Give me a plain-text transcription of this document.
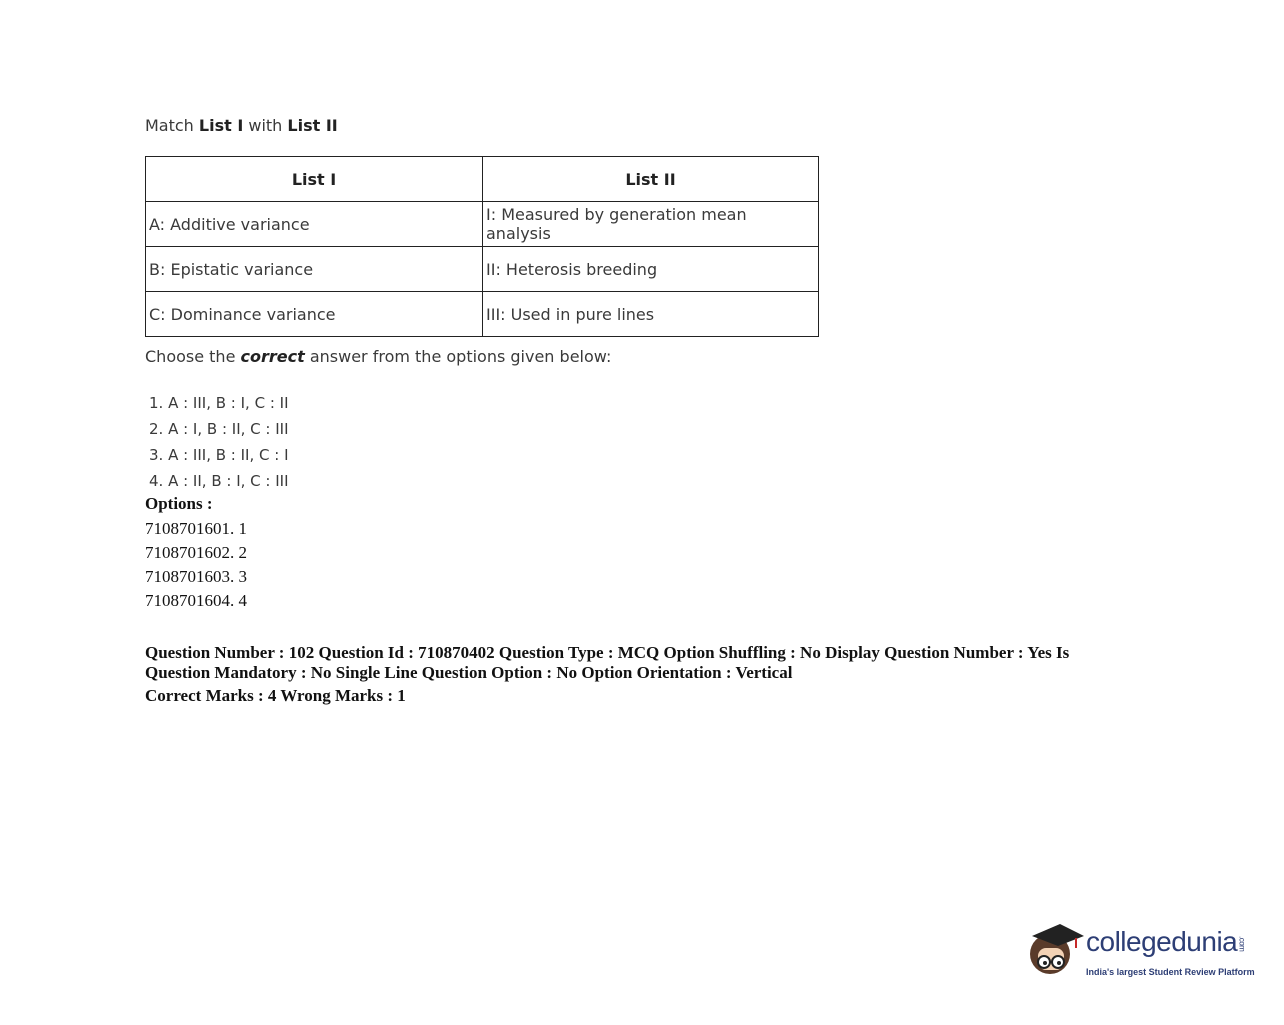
Match List I with List II
List I	List II
A: Additive variance	I: Measured by generation mean analysis
B: Epistatic variance	II: Heterosis breeding
C: Dominance variance	III: Used in pure lines
Choose the correct answer from the options given below:
1. A : III, B : I, C : II
2. A : I, B : II, C : III
3. A : III, B : II, C : I
4. A : II, B : I, C : III
Options :
7108701601. 1
7108701602. 2
7108701603. 3
7108701604. 4
Question Number : 102 Question Id : 710870402 Question Type : MCQ Option Shuffling : No Display Question Number : Yes Is Question Mandatory : No Single Line Question Option : No Option Orientation : Vertical
Correct Marks : 4 Wrong Marks : 1
collegedunia.com
India's largest Student Review Platform
